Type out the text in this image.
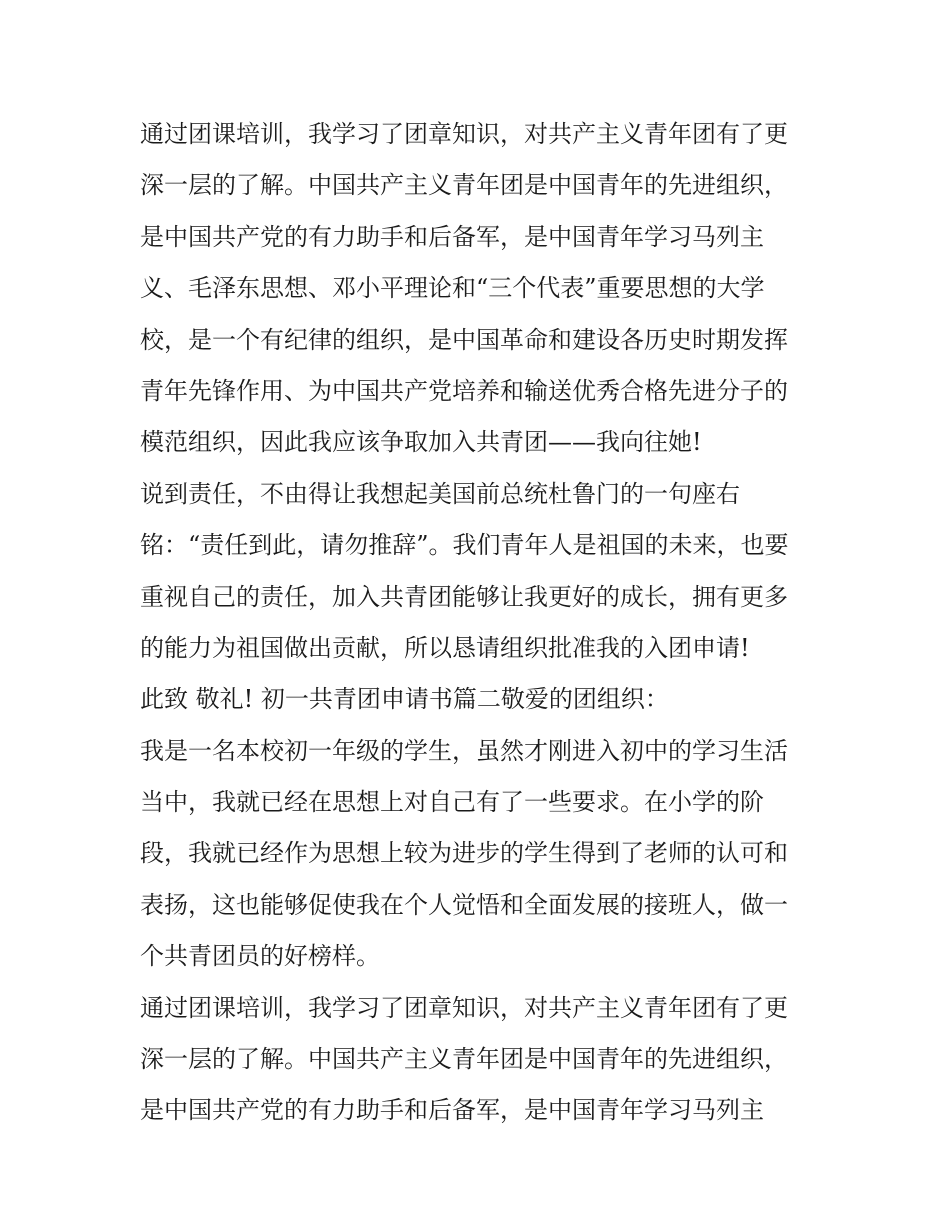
通过团课培训，我学习了团章知识，对共产主义青年团有了更
深一层的了解。中国共产主义青年团是中国青年的先进组织，
是中国共产党的有力助手和后备军，是中国青年学习马列主
义、毛泽东思想、邓小平理论和“三个代表”重要思想的大学
校，是一个有纪律的组织，是中国革命和建设各历史时期发挥
青年先锋作用、为中国共产党培养和输送优秀合格先进分子的
模范组织，因此我应该争取加入共青团——我向往她!
说到责任，不由得让我想起美国前总统杜鲁门的一句座右
铭：“责任到此，请勿推辞”。我们青年人是祖国的未来，也要
重视自己的责任，加入共青团能够让我更好的成长，拥有更多
的能力为祖国做出贡献，所以恳请组织批准我的入团申请!
此致 敬礼! 初一共青团申请书篇二敬爱的团组织：
我是一名本校初一年级的学生，虽然才刚进入初中的学习生活
当中，我就已经在思想上对自己有了一些要求。在小学的阶
段，我就已经作为思想上较为进步的学生得到了老师的认可和
表扬，这也能够促使我在个人觉悟和全面发展的接班人，做一
个共青团员的好榜样。
通过团课培训，我学习了团章知识，对共产主义青年团有了更
深一层的了解。中国共产主义青年团是中国青年的先进组织，
是中国共产党的有力助手和后备军，是中国青年学习马列主
